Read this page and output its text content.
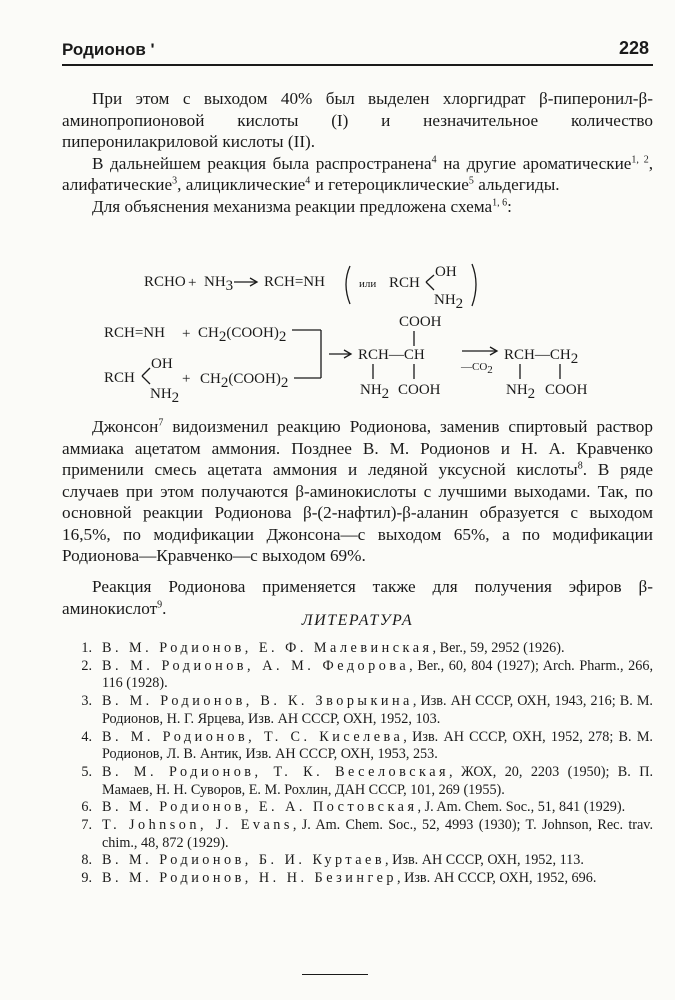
Родионов '	228

При этом с выходом 40% был выделен хлоргидрат β-пиперонил-β-аминопропионовой кислоты (I) и незначительное количество пиперонилакриловой кислоты (II).

В дальнейшем реакция была распространена$^4$ на другие ароматические$^{1, 2}$, алифатические$^3$, алициклические$^4$ и гетероциклические$^5$ альдегиды.

Для объяснения механизма реакции предложена схема$^{1, 6}$:

RCHO + NH3 RCH=NH	или RCH
OH
NH2
RCH=NH + CH2(COOH)2
RCH
OH
NH2
+ CH2(COOH)2
COOH
RCH—CH
NH2 COOH
—CO2
RCH—CH2
NH2 COOH

Джонсон$^7$ видоизменил реакцию Родионова, заменив спиртовый раствор аммиака ацетатом аммония. Позднее В. М. Родионов и Н. А. Кравченко применили смесь ацетата аммония и ледяной уксусной кислоты$^8$. В ряде случаев при этом получаются β-аминокислоты с лучшими выходами. Так, по основной реакции Родионова β-(2-нафтил)-β-аланин образуется с выходом 16,5%, по модификации Джонсона—с выходом 65%, а по модификации Родионова—Кравченко—с выходом 69%.

Реакция Родионова применяется также для получения эфиров β-аминокислот$^9$.

ЛИТЕРАТУРА

1. В. М. Родионов, Е. Ф. Малевинская, Ber., 59, 2952 (1926).

2. В. М. Родионов, А. М. Федорова, Ber., 60, 804 (1927); Arch. Pharm., 266, 116 (1928).

3. В. М. Родионов, В. К. Зворыкина, Изв. АН СССР, ОХН, 1943, 216; В. М. Родионов, Н. Г. Ярцева, Изв. АН СССР, ОХН, 1952, 103.

4. В. М. Родионов, Т. С. Киселева, Изв. АН СССР, ОХН, 1952, 278; В. М. Родионов, Л. В. Антик, Изв. АН СССР, ОХН, 1953, 253.

5. В. М. Родионов, Т. К. Веселовская, ЖОХ, 20, 2203 (1950); В. П. Мамаев, Н. Н. Суворов, Е. М. Рохлин, ДАН СССР, 101, 269 (1955).

6. В. М. Родионов, Е. А. Постовская, J. Am. Chem. Soc., 51, 841 (1929).

7. T. Johnson, J. Evans, J. Am. Chem. Soc., 52, 4993 (1930); T. Johnson, Rec. trav. chim., 48, 872 (1929).

8. В. М. Родионов, Б. И. Куртаев, Изв. АН СССР, ОХН, 1952, 113.

9. В. М. Родионов, Н. Н. Безингер, Изв. АН СССР, ОХН, 1952, 696.
